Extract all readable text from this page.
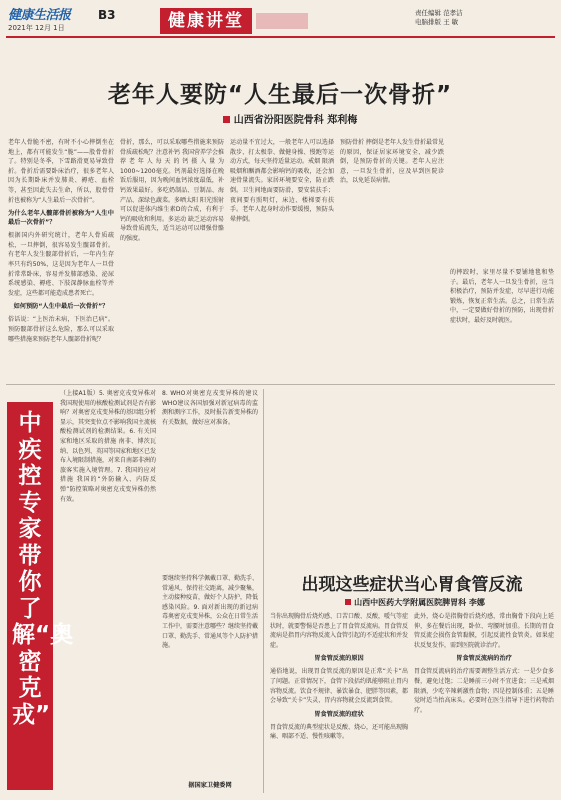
健康生活报
2021年 12月 1日
B3	健康讲堂	责任编辑 范孝洁
电脑排版 王 敏
老年人要防“人生最后一次骨折”
山西省汾阳医院骨科 郑利梅

老年人骨脆不密，有时不小心摔倒坐在地上，都有可能发生“脆”——股骨骨折了。特别是冬季，下雪路滑更易导致骨折。骨折后需要卧床治疗，很多老年人因为长期卧床并发肺炎、褥疮、血栓等，甚至因此失去生命，所以，股骨骨折也被称为“人生最后一次骨折”。

为什么老年人髋部骨折被称为“人生中最后一次骨折”？

根据国内外研究统计，老年人骨质疏松，一旦摔倒，很容易发生髋部骨折。有老年人发生髋部骨折后，一年内生存率只有约50%，这是因为老年人一旦骨折常常卧床，容易并发肺部感染、泌尿系统感染、褥疮、下肢深静脉血栓等并发症，这些都可能造成患者死亡。

如何预防“人生中最后一次骨折”？

俗话说：“上医治未病，下医治已病”。预防髋部骨折这么危险，那么可以采取哪些措施来预防老年人髋部骨折呢？

骨折，那么，可以采取哪些措施来预防骨质疏松呢？注意补钙 我国营养学会推荐老年人每天的钙摄入量为1000~1200毫克。钙剂最好选择在晚饭后服用，因为晚间血钙浓度最低，补钙效果最好。多吃奶制品、豆制品、海产品、深绿色蔬菜。多晒太阳 阳光照射可以促进体内维生素D的合成，有利于钙的吸收和利用。多运动 缺乏运动容易导致骨质流失，适当运动可以增强骨骼的强度。
运动量不宜过大，一般老年人可以选择散步、打太极拳、做健身操、慢跑等运动方式，每天坚持适量运动。戒烟 限酒 吸烟和酗酒都会影响钙的吸收，还会加速骨量流失。家居环境要安全，防止跌倒。卫生间地面要防滑，要安装扶手；夜间要有照明灯，床边、楼梯要有扶手。老年人起身时动作要缓慢，预防头晕摔倒。
预防骨折 摔倒是老年人发生骨折最常见的原因，保证居家环境安全、减少跌倒，是预防骨折的关键。老年人应注意，一旦发生骨折，应及早到医院诊治，以免延误病情。
的摔跤时，家里尽量不要铺地毯和垫子。最后，老年人一旦发生骨折，应当积极治疗，预防并发症，尽早进行功能锻炼，恢复正常生活。总之，日常生活中，一定要做好骨折的预防，出现骨折症状时，最好及时就医。
中疾控专家带你了解“奥密克戎”
（上接A1版）5. 奥密克戎变异株对我国现使用的核酸检测试剂是否有影响？对奥密克戎变异株的基因组分析显示，其突变位点不影响我国主流核酸检测试剂的检测结果。6. 有关国家和地区采取的措施 南非、博茨瓦纳、以色列、英国等国家和地区已发布入境限制措施，对来自南部非洲的旅客实施入境管理。7. 我国的应对措施 我国的“外防输入、内防反弹”防控策略对奥密克戎变异株仍然有效。
8. WHO对奥密克戎变异株的建议 WHO建议各国加强对新冠病毒的监测和测序工作，及时报告新变异株的有关数据，做好应对准备。
要继续坚持科学佩戴口罩、勤洗手、常通风、保持社交距离，减少聚集，主动接种疫苗，做好个人防护，降低感染风险。9. 面对新出现的新冠病毒奥密克戎变异株，公众在日常生活工作中，需要注意哪些？继续坚持戴口罩、勤洗手、常通风等个人防护措施。
据国家卫健委网
出现这些症状当心胃食管反流
山西中医药大学附属医院脾胃科 李娜

当你出现胸骨后烧灼感、口苦口酸、反酸，嗳气等症状时，就要警惕是否患上了胃食管反流病。胃食管反流病是指胃内容物反流入食管引起的不适症状和并发症。

胃食管反流的原因

通俗地说，出现胃食管反流的原因是正常“关卡”出了问题。正常情况下，食管下段括约肌能够阻止胃内容物反流。饮食不规律、暴饮暴食、肥胖等因素，都会导致“关卡”失灵，胃内容物就会反流到食管。

胃食管反流的症状

胃食管反流的典型症状是反酸、烧心，还可能出现胸痛、咽部不适、慢性咳嗽等。

此外，烧心是指胸骨后烧灼感，常由胸骨下段向上延伸，多在餐后出现，卧位、弯腰时加重。长期的胃食管反流会损伤食管黏膜，引起反流性食管炎。如果症状反复发作，需到医院就诊治疗。

胃食管反流病的治疗

胃食管反流病的治疗需要调整生活方式：一是少食多餐，避免过饱；二是睡前三小时不宜进食；三是戒烟限酒，少吃辛辣刺激性食物；四是控制体重；五是睡觉时适当抬高床头。必要时在医生指导下进行药物治疗。
